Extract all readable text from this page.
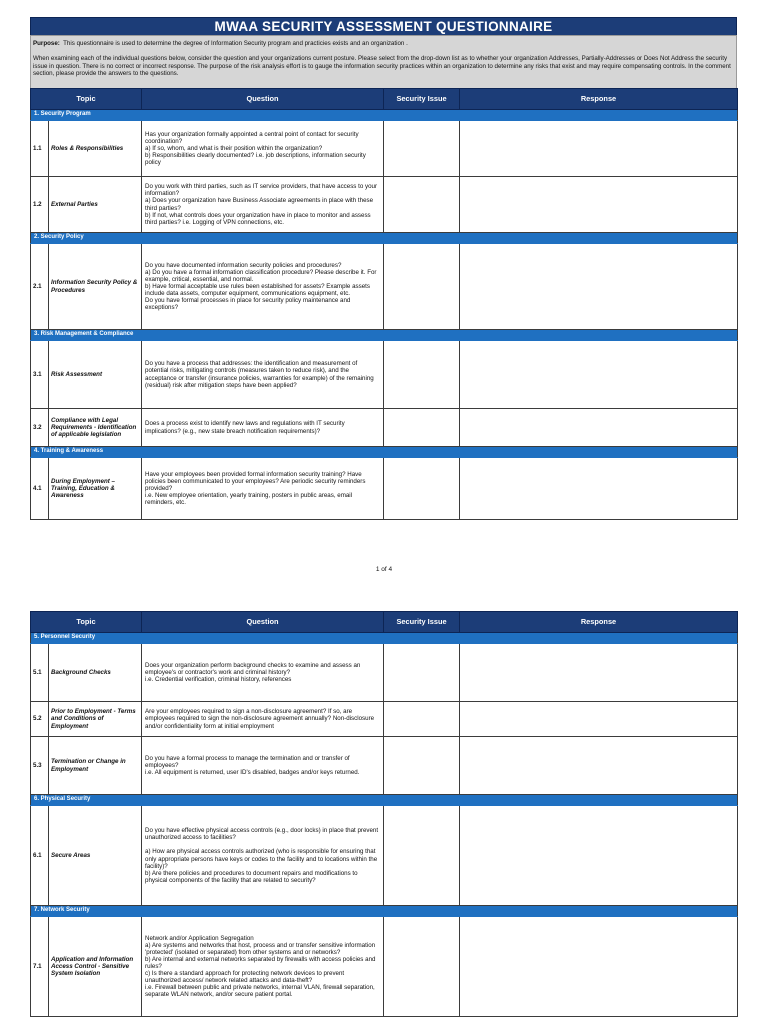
MWAA SECURITY ASSESSMENT QUESTIONNAIRE

Purpose: This questionnaire is used to determine the degree of Information Security program and practicies exists and an organization .

When examining each of the individual questions below, consider the question and your organizations current posture. Please select from the drop-down list as to whether your organization Addresses, Partially-Addresses or Does Not Address the security issue in question. There is no correct or incorrect response. The purpose of the risk analysis effort is to gauge the information security practices within an organization to determine any risks that exist and may require compensating controls. In the comment section, please provide the answers to the questions.

Topic		Question	Security Issue	Response
1. Security Program				
1.1	Roles & Responsibilities	Has your organization formally appointed a central point of contact for security coordination?
a) If so, whom, and what is their position within the organization?
b) Responsibilities clearly documented? i.e. job descriptions, information security policy		
1.2	External Parties	Do you work with third parties, such as IT service providers, that have access to your information?
a) Does your organization have Business Associate agreements in place with these third parties?
b) If not, what controls does your organization have in place to monitor and assess third parties? i.e. Logging of VPN connections, etc.		
2. Security Policy				
2.1	Information Security Policy & Procedures	Do you have documented information security policies and procedures?
a) Do you have a formal information classification procedure? Please describe it. For example, critical, essential, and normal.
b) Have formal acceptable use rules been established for assets? Example assets include data assets, computer equipment, communications equipment, etc.
Do you have formal processes in place for security policy maintenance and exceptions?		
3. Risk Management & Compliance				
3.1	Risk Assessment	Do you have a process that addresses: the identification and measurement of potential risks, mitigating controls (measures taken to reduce risk), and the acceptance or transfer (insurance policies, warranties for example) of the remaining (residual) risk after mitigation steps have been applied?		
3.2	Compliance with Legal Requirements - Identification of applicable legislation	Does a process exist to identify new laws and regulations with IT security implications? (e.g., new state breach notification requirements)?		
4. Training & Awareness				
4.1	During Employment – Training, Education & Awareness	Have your employees been provided formal information security training? Have policies been communicated to your employees? Are periodic security reminders provided?
i.e. New employee orientation, yearly training, posters in public areas, email reminders, etc.		
1 of 4
Topic		Question	Security Issue	Response
5. Personnel Security				
5.1	Background Checks	Does your organization perform background checks to examine and assess an employee's or contractor's work and criminal history?
i.e. Credential verification, criminal history, references		
5.2	Prior to Employment - Terms and Conditions of Employment	Are your employees required to sign a non-disclosure agreement? If so, are employees required to sign the non-disclosure agreement annually? Non-disclosure and/or confidentiality form at initial employment		
5.3	Termination or Change in Employment	Do you have a formal process to manage the termination and or transfer of employees?
i.e. All equipment is returned, user ID's disabled, badges and/or keys returned.		
6. Physical Security				
6.1	Secure Areas	Do you have effective physical access controls (e.g., door locks) in place that prevent unauthorized access to facilities?

a) How are physical access controls authorized (who is responsible for ensuring that only appropriate persons have keys or codes to the facility and to locations within the facility)?
b) Are there policies and procedures to document repairs and modifications to physical components of the facility that are related to security?		
7. Network Security				
7.1	Application and Information Access Control - Sensitive System Isolation	Network and/or Application Segregation
a) Are systems and networks that host, process and or transfer sensitive information 'protected' (isolated or separated) from other systems and or networks?
b) Are internal and external networks separated by firewalls with access policies and rules?
c) Is there a standard approach for protecting network devices to prevent unauthorized access/ network related attacks and data-theft?
i.e. Firewall between public and private networks, internal VLAN, firewall separation, separate WLAN network, and/or secure patient portal.		
